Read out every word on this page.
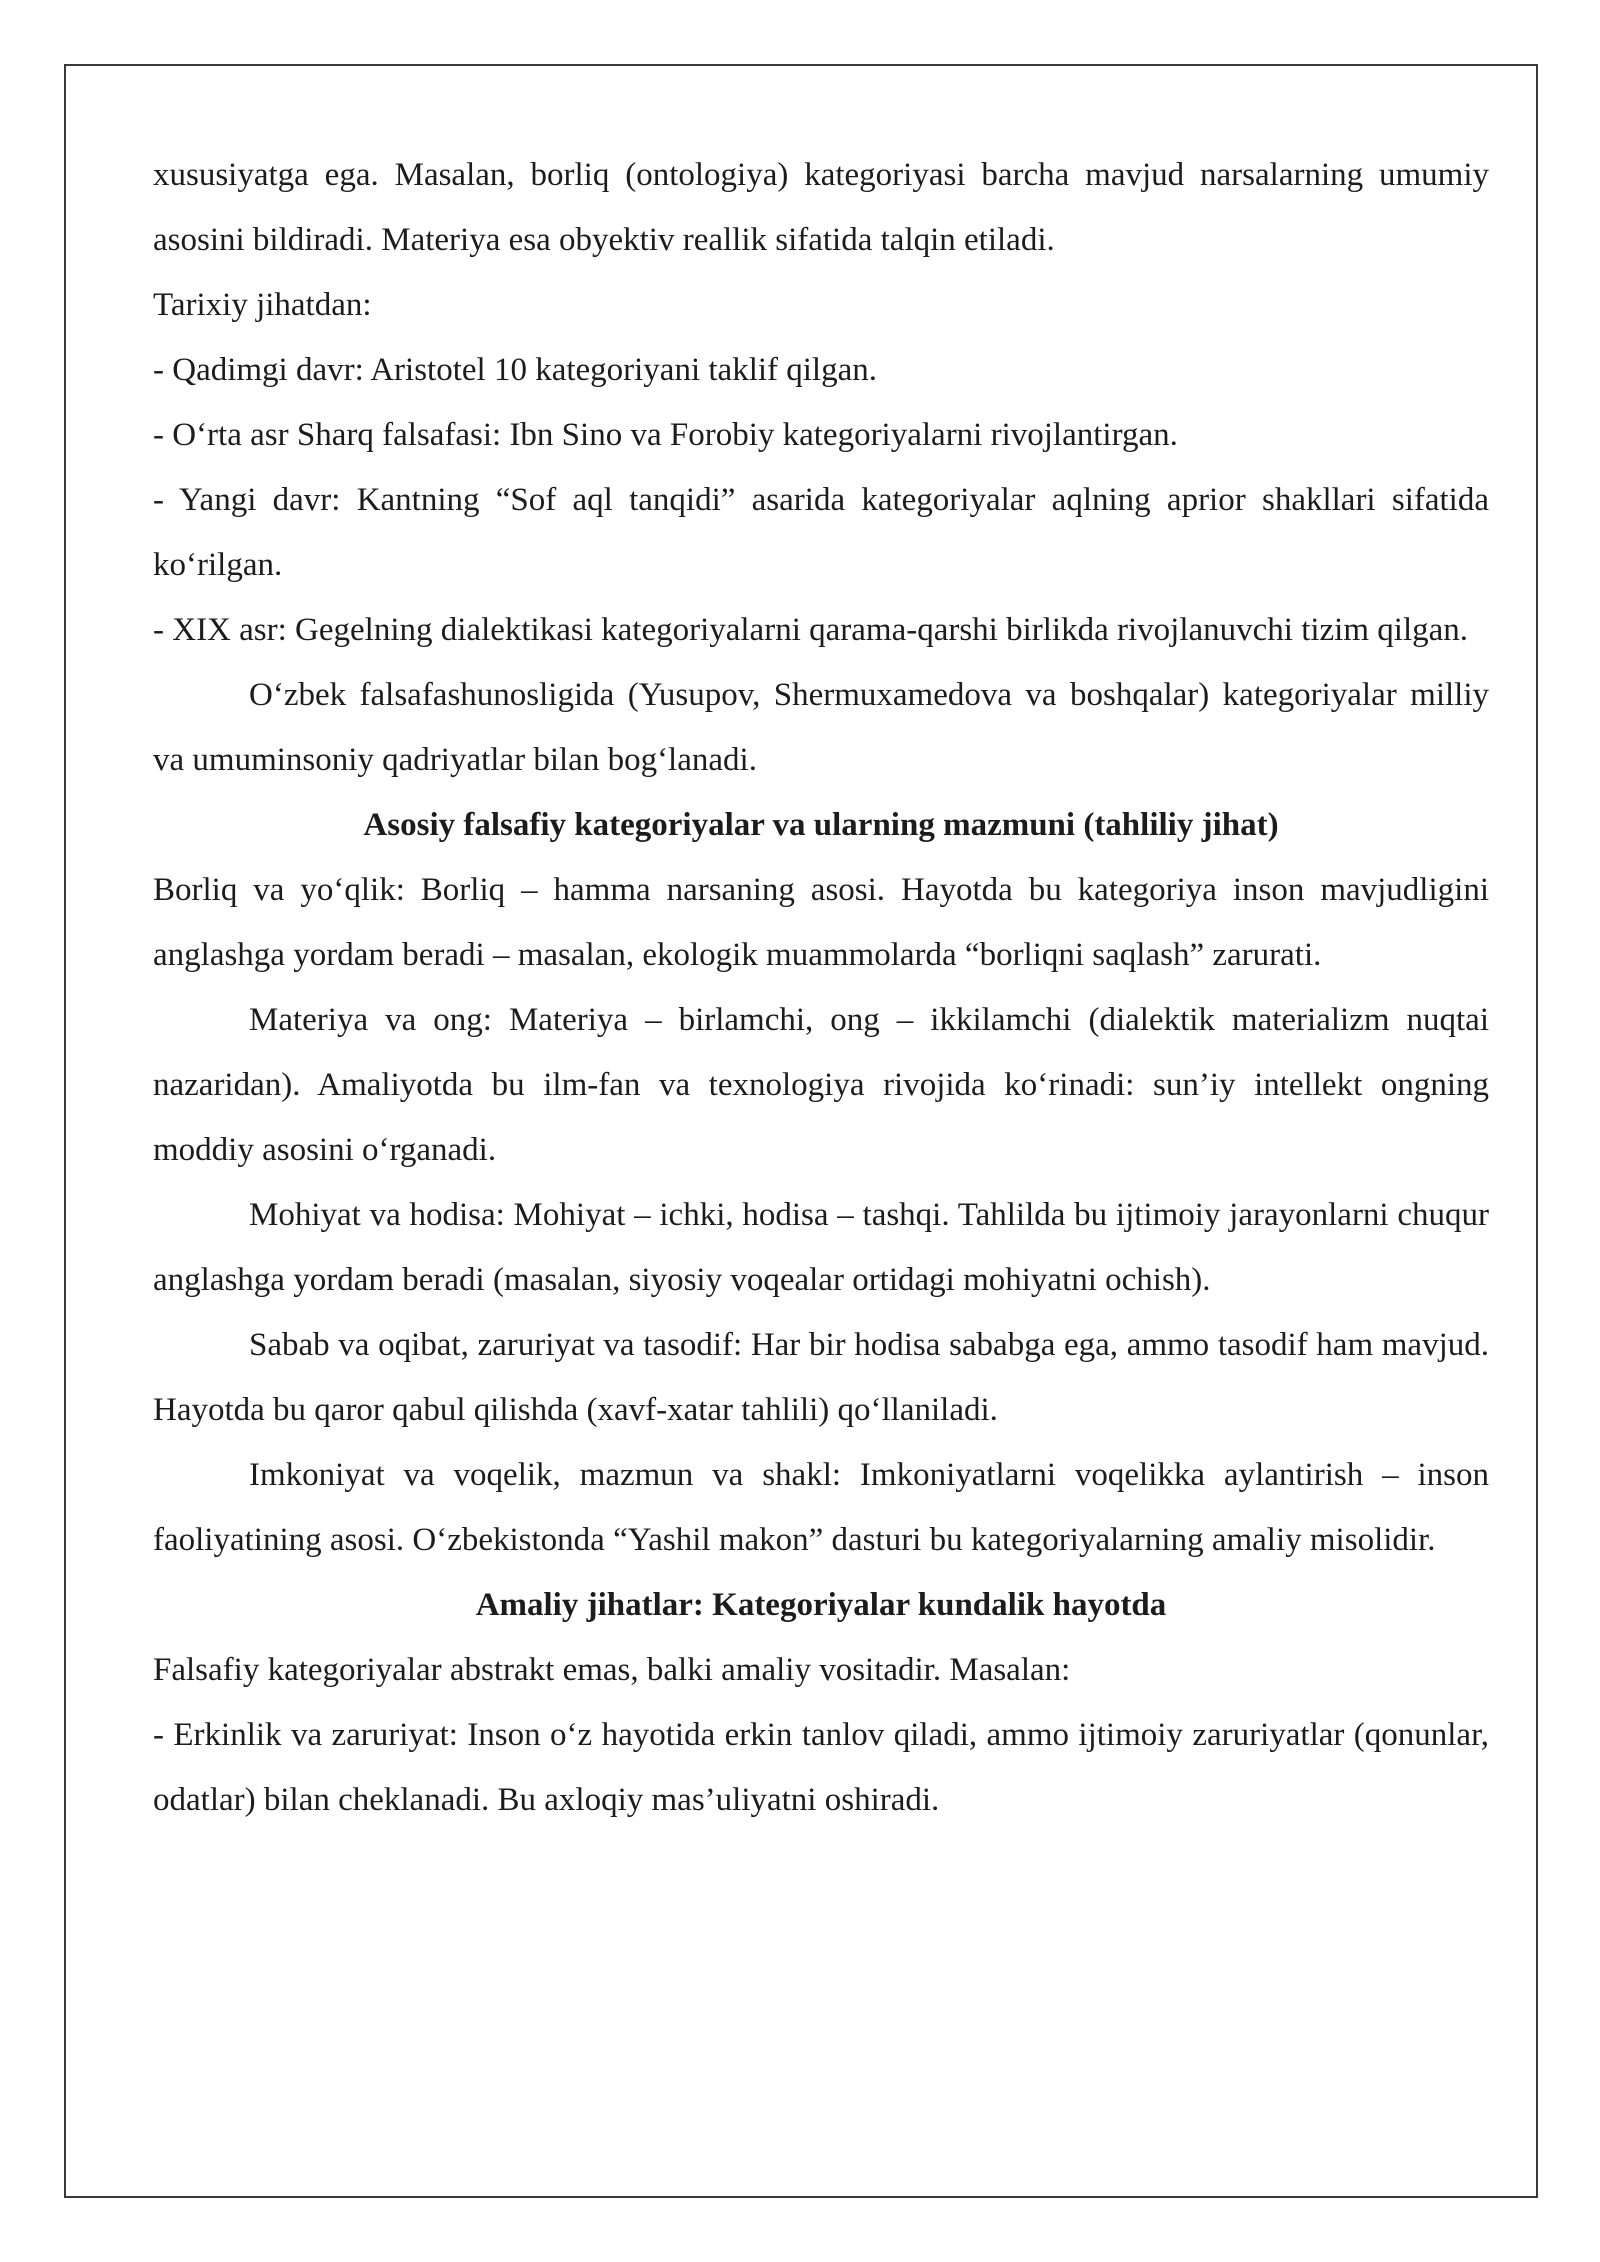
xususiyatga ega. Masalan, borliq (ontologiya) kategoriyasi barcha mavjud narsalarning umumiy asosini bildiradi. Materiya esa obyektiv reallik sifatida talqin etiladi.

Tarixiy jihatdan:

- Qadimgi davr: Aristotel 10 kategoriyani taklif qilgan.

- O‘rta asr Sharq falsafasi: Ibn Sino va Forobiy kategoriyalarni rivojlantirgan.

- Yangi davr: Kantning “Sof aql tanqidi” asarida kategoriyalar aqlning aprior shakllari sifatida ko‘rilgan.

- XIX asr: Gegelning dialektikasi kategoriyalarni qarama-qarshi birlikda rivojlanuvchi tizim qilgan.

O‘zbek falsafashunosligida (Yusupov, Shermuxamedova va boshqalar) kategoriyalar milliy va umuminsoniy qadriyatlar bilan bog‘lanadi.

Asosiy falsafiy kategoriyalar va ularning mazmuni (tahliliy jihat)

Borliq va yo‘qlik: Borliq – hamma narsaning asosi. Hayotda bu kategoriya inson mavjudligini anglashga yordam beradi – masalan, ekologik muammolarda “borliqni saqlash” zarurati.

Materiya va ong: Materiya – birlamchi, ong – ikkilamchi (dialektik materializm nuqtai nazaridan). Amaliyotda bu ilm-fan va texnologiya rivojida ko‘rinadi: sun’iy intellekt ongning moddiy asosini o‘rganadi.

Mohiyat va hodisa: Mohiyat – ichki, hodisa – tashqi. Tahlilda bu ijtimoiy jarayonlarni chuqur anglashga yordam beradi (masalan, siyosiy voqealar ortidagi mohiyatni ochish).

Sabab va oqibat, zaruriyat va tasodif: Har bir hodisa sababga ega, ammo tasodif ham mavjud. Hayotda bu qaror qabul qilishda (xavf-xatar tahlili) qo‘llaniladi.

Imkoniyat va voqelik, mazmun va shakl: Imkoniyatlarni voqelikka aylantirish – inson faoliyatining asosi. O‘zbekistonda “Yashil makon” dasturi bu kategoriyalarning amaliy misolidir.

Amaliy jihatlar: Kategoriyalar kundalik hayotda

Falsafiy kategoriyalar abstrakt emas, balki amaliy vositadir. Masalan:

- Erkinlik va zaruriyat: Inson o‘z hayotida erkin tanlov qiladi, ammo ijtimoiy zaruriyatlar (qonunlar, odatlar) bilan cheklanadi. Bu axloqiy mas’uliyatni oshiradi.
